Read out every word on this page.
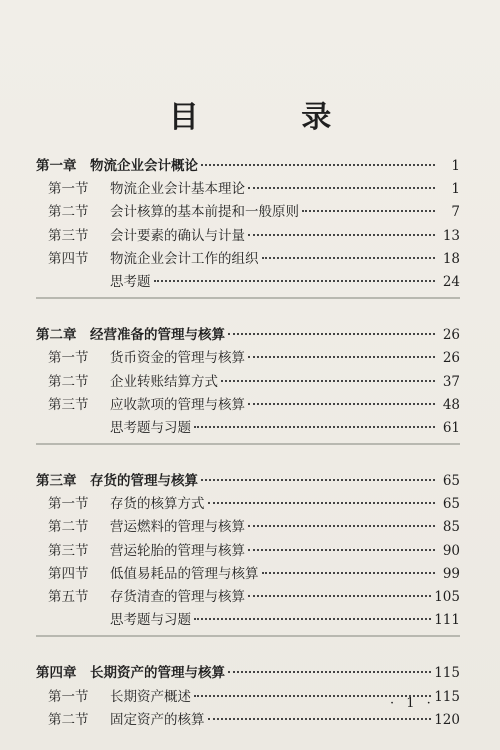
目 录
第一章	物流企业会计概论	1
第一节	物流企业会计基本理论	1
第二节	会计核算的基本前提和一般原则	7
第三节	会计要素的确认与计量	13
第四节	物流企业会计工作的组织	18
思考题	24
第二章	经营准备的管理与核算	26
第一节	货币资金的管理与核算	26
第二节	企业转账结算方式	37
第三节	应收款项的管理与核算	48
思考题与习题	61
第三章	存货的管理与核算	65
第一节	存货的核算方式	65
第二节	营运燃料的管理与核算	85
第三节	营运轮胎的管理与核算	90
第四节	低值易耗品的管理与核算	99
第五节	存货清查的管理与核算	105
思考题与习题	111
第四章	长期资产的管理与核算	115
第一节	长期资产概述	115
第二节	固定资产的核算	120
· 1 ·
